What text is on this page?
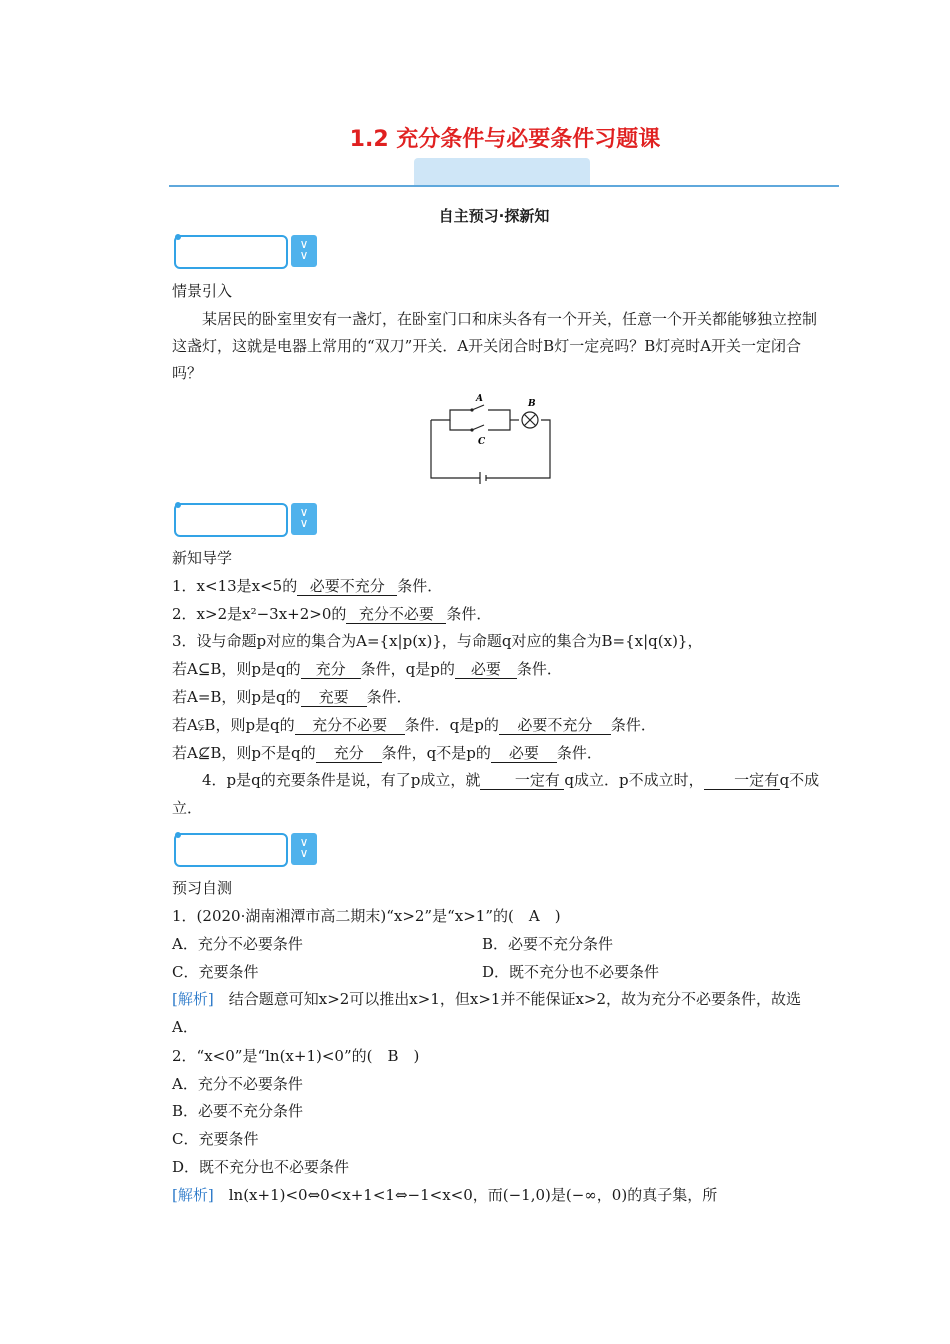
1.2 充分条件与必要条件习题课
自主预习·探新知
∨
∨
情景引入
某居民的卧室里安有一盏灯，在卧室门口和床头各有一个开关，任意一个开关都能够独立控制这盏灯，这就是电器上常用的“双刀”开关．A开关闭合时B灯一定亮吗？B灯亮时A开关一定闭合吗？
A	B
C
∨
∨
新知导学
1．x<13是x<5的 必要不充分 条件．
2．x>2是x²−3x+2>0的 充分不必要 条件．
3．设与命题p对应的集合为A={x|p(x)}，与命题q对应的集合为B={x|q(x)}，
若A⊆B，则p是q的 充分 条件，q是p的 必要 条件．
若A=B，则p是q的 充要 条件．
若A⫋B，则p是q的 充分不必要 条件．q是p的 必要不充分 条件．
若A⊈B，则p不是q的 充分 条件，q不是p的 必要 条件．
4．p是q的充要条件是说，有了p成立，就 一定有 q成立．p不成立时， 一定有q不成立．
∨
∨
预习自测
1．(2020·湖南湘潭市高二期末)“x>2”是“x>1”的(　A　)
A．充分不必要条件	B．必要不充分条件
C．充要条件	D．既不充分也不必要条件
[解析]　 结合题意可知x>2可以推出x>1，但x>1并不能保证x>2，故为充分不必要条件，故选A．
2．“x<0”是“ln(x+1)<0”的(　B　)
A．充分不必要条件
B．必要不充分条件
C．充要条件
D．既不充分也不必要条件
[解析]　 ln(x+1)<0⇔0<x+1<1⇔−1<x<0，而(−1,0)是(−∞，0)的真子集，所
